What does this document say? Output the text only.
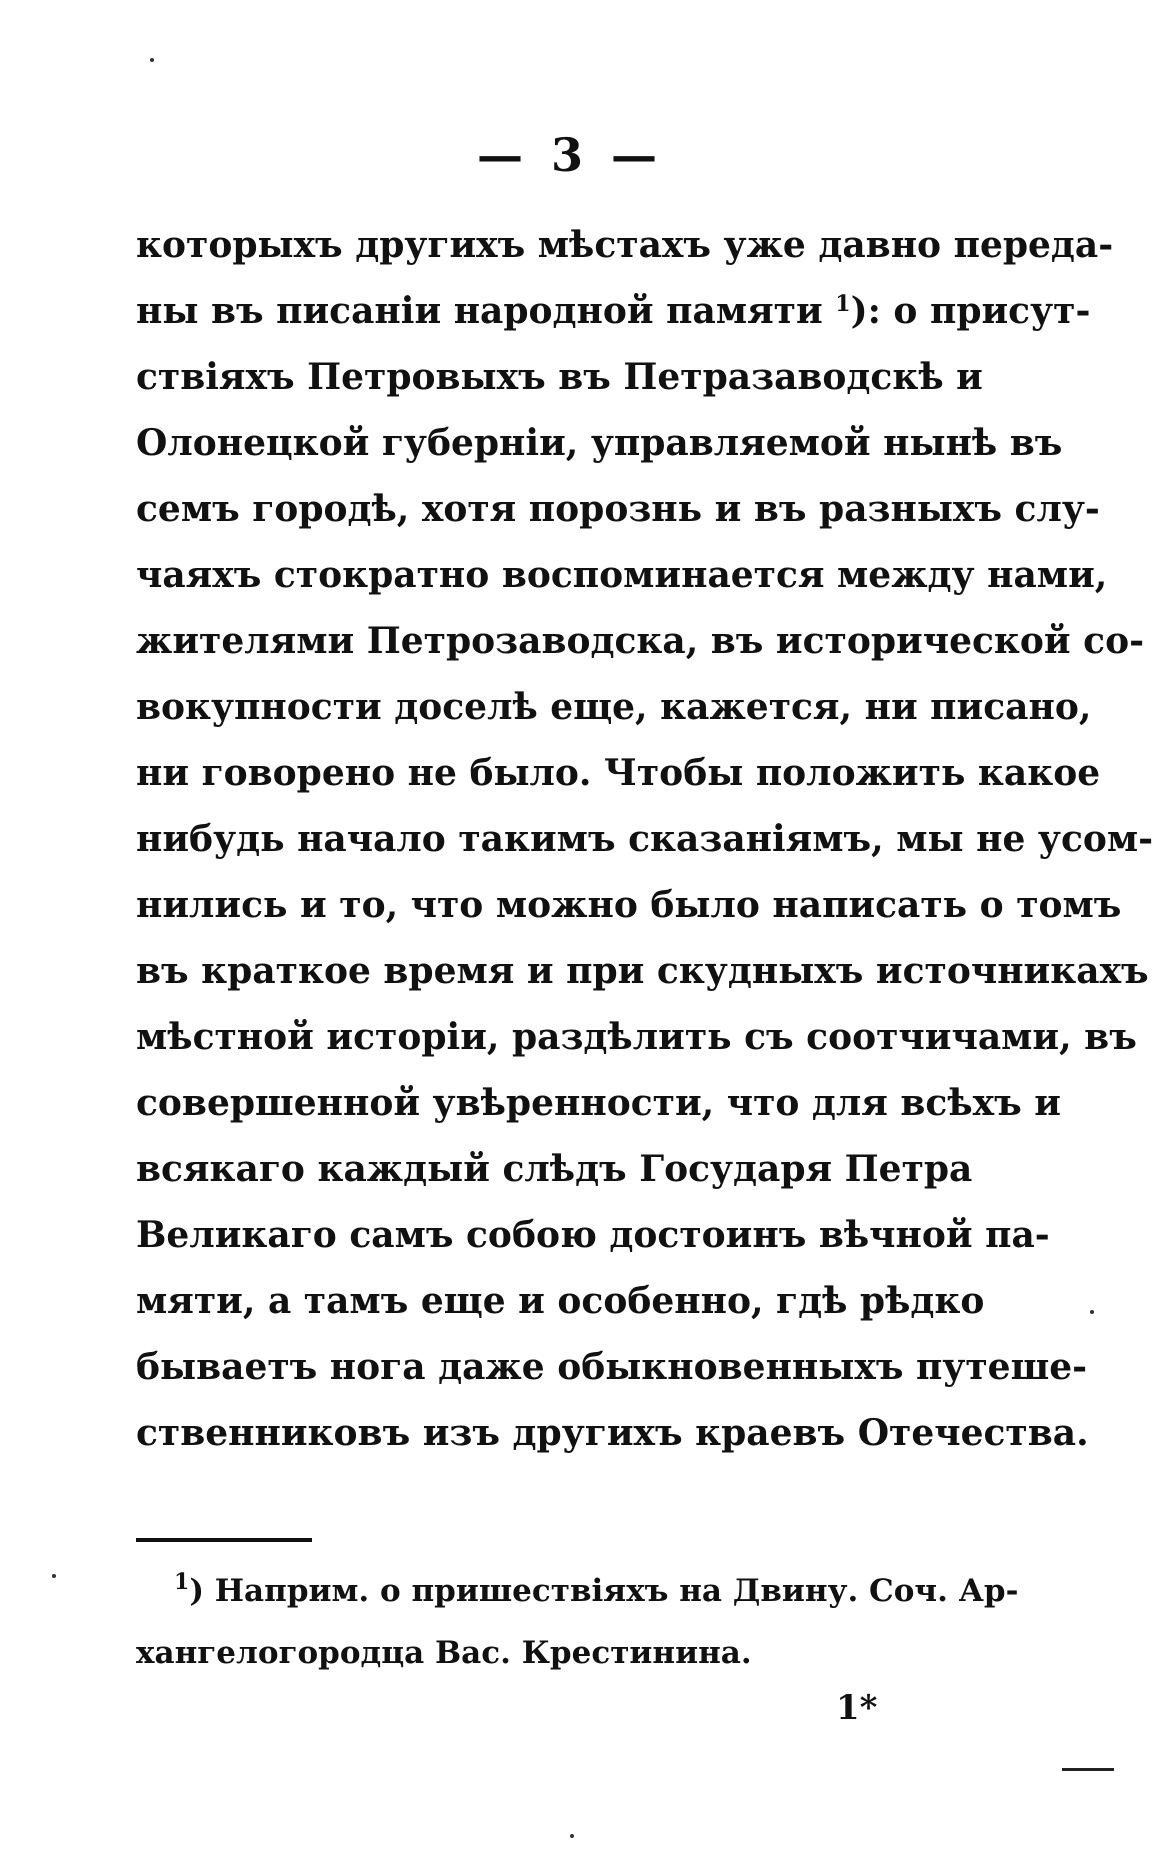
— 3 —
которыхъ другихъ мѣстахъ уже давно переда-
ны въ писаніи народной памяти $^1$): о присут-
ствіяхъ Петровыхъ въ Петразаводскѣ и
Олонецкой губерніи, управляемой нынѣ въ
семъ городѣ, хотя порознь и въ разныхъ слу-
чаяхъ стократно воспоминается между нами,
жителями Петрозаводска, въ исторической со-
вокупности доселѣ еще, кажется, ни писано,
ни говорено не было. Чтобы положить какое
нибудь начало такимъ сказаніямъ, мы не усом-
нились и то, что можно было написать о томъ
въ краткое время и при скудныхъ источникахъ
мѣстной исторіи, раздѣлить съ соотчичами, въ
совершенной увѣренности, что для всѣхъ и
всякаго каждый слѣдъ Государя Петра
Великаго самъ собою достоинъ вѣчной па-
мяти, а тамъ еще и особенно, гдѣ рѣдко
бываетъ нога даже обыкновенныхъ путеше-
ственниковъ изъ другихъ краевъ Отечества.
$^1$) Наприм. о пришествіяхъ на Двину. Соч. Ар-
хангелогородца Вас. Крестинина.
1*
